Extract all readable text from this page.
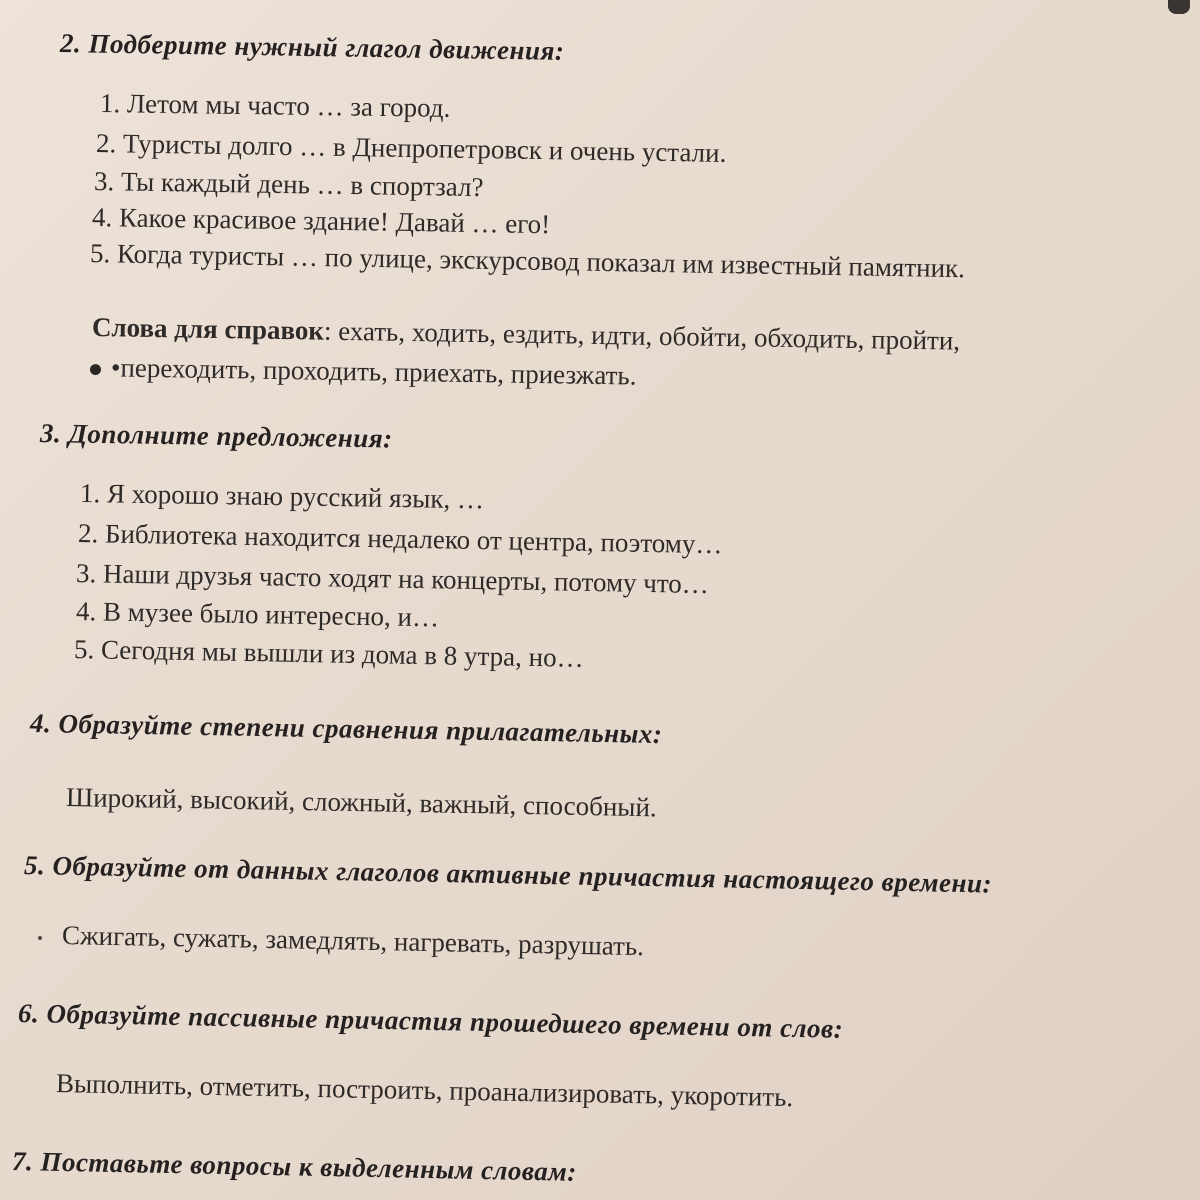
2. Подберите нужный глагол движения:
1. Летом мы часто … за город.
2. Туристы долго … в Днепропетровск и очень устали.
3. Ты каждый день … в спортзал?
4. Какое красивое здание! Давай … его!
5. Когда туристы … по улице, экскурсовод показал им известный памятник.
Слова для справок: ехать, ходить, ездить, идти, обойти, обходить, пройти,
•переходить, проходить, приехать, приезжать.
3. Дополните предложения:
1. Я хорошо знаю русский язык, …
2. Библиотека находится недалеко от центра, поэтому…
3. Наши друзья часто ходят на концерты, потому что…
4. В музее было интересно, и…
5. Сегодня мы вышли из дома в 8 утра, но…
4. Образуйте степени сравнения прилагательных:
Широкий, высокий, сложный, важный, способный.
5. Образуйте от данных глаголов активные причастия настоящего времени:
Сжигать, сужать, замедлять, нагревать, разрушать.
6. Образуйте пассивные причастия прошедшего времени от слов:
Выполнить, отметить, построить, проанализировать, укоротить.
7. Поставьте вопросы к выделенным словам:
